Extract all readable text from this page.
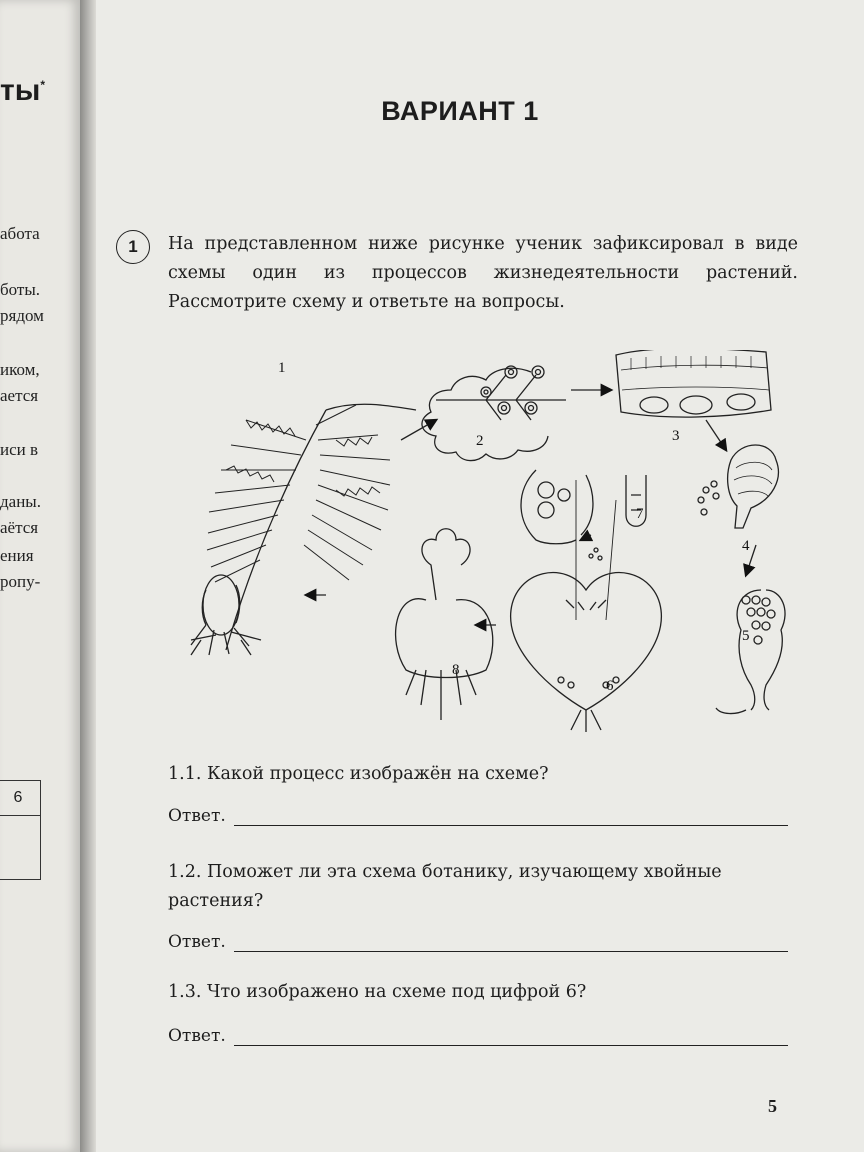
ты*
абота
боты.
рядом
иком,
ается
иси в
даны.
аётся
ения
ропу-
6
ВАРИАНТ 1
1	На представленном ниже рисунке ученик зафиксировал в виде схемы один из процессов жизнедеятельности растений. Рассмотрите схему и ответьте на вопросы.
1
2	3
4
5
6
7
8
1.1. Какой процесс изображён на схеме?
Ответ.
1.2. Поможет ли эта схема ботанику, изучающему хвойные растения?
Ответ.
1.3. Что изображено на схеме под цифрой 6?
Ответ.
5
